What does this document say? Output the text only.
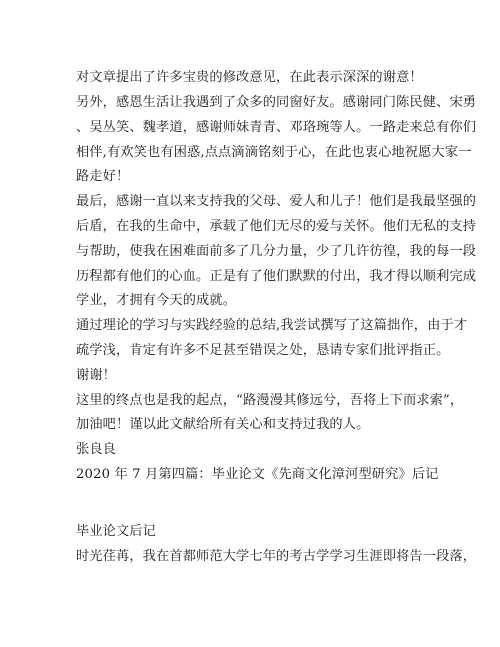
对文章提出了许多宝贵的修改意见，在此表示深深的谢意！
另外，感恩生活让我遇到了众多的同窗好友。感谢同门陈民健、宋勇
、吴丛笑、魏孝道，感谢师妹青青、邓珞琬等人。一路走来总有你们
相伴,有欢笑也有困惑,点点滴滴铭刻于心，在此也衷心地祝愿大家一
路走好！
最后，感谢一直以来支持我的父母、爱人和儿子！他们是我最坚强的
后盾，在我的生命中，承载了他们无尽的爱与关怀。他们无私的支持
与帮助，使我在困难面前多了几分力量，少了几许彷徨，我的每一段
历程都有他们的心血。正是有了他们默默的付出，我才得以顺利完成
学业，才拥有今天的成就。
通过理论的学习与实践经验的总结,我尝试撰写了这篇拙作，由于才
疏学浅，肯定有许多不足甚至错误之处，恳请专家们批评指正。
谢谢！
这里的终点也是我的起点，“路漫漫其修远兮，吾将上下而求索”，
加油吧！谨以此文献给所有关心和支持过我的人。
张良良
2020 年 7 月第四篇：毕业论文《先商文化漳河型研究》后记
毕业论文后记
时光荏苒，我在首都师范大学七年的考古学学习生涯即将告一段落，
